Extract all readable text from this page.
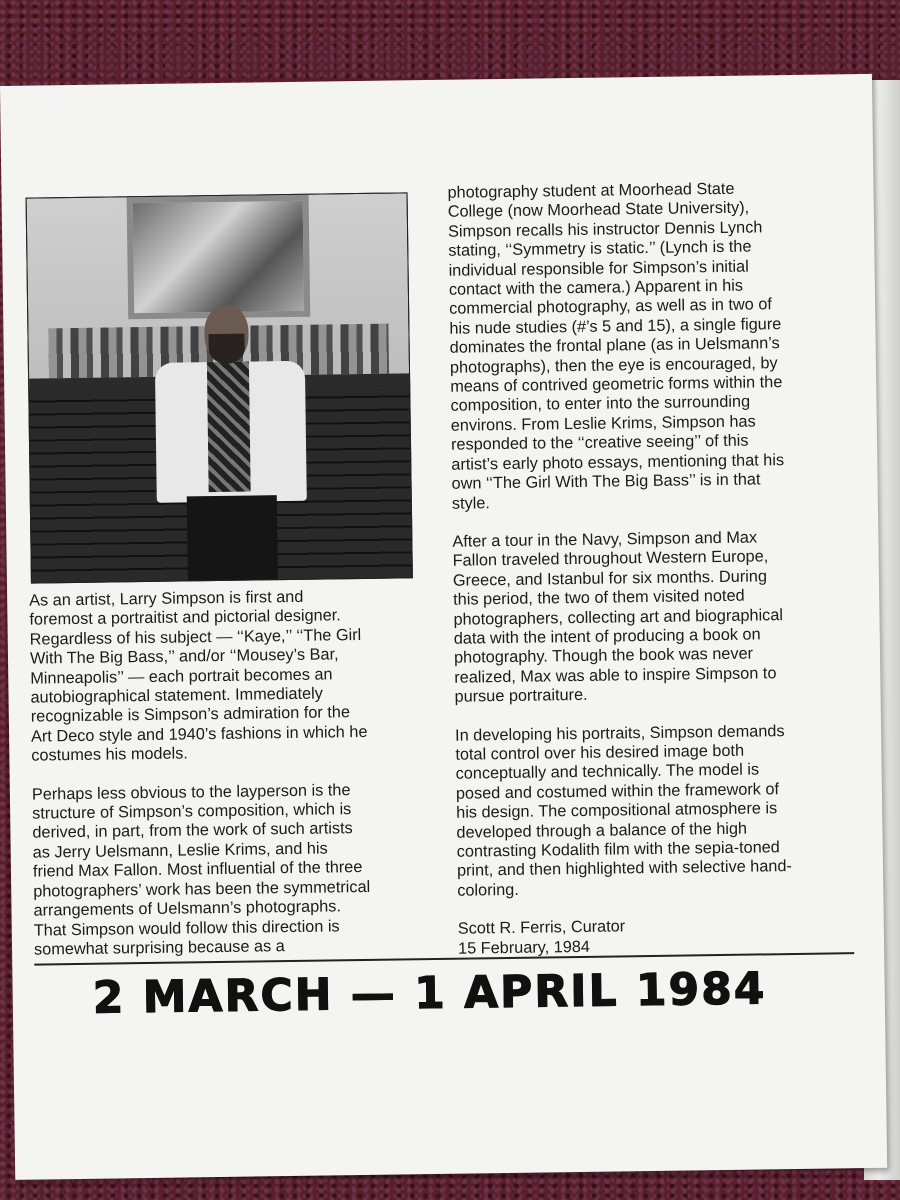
As an artist, Larry Simpson is first and
foremost a portraitist and pictorial designer.
Regardless of his subject — ‘‘Kaye,’’ ‘‘The Girl
With The Big Bass,’’ and/or ‘‘Mousey’s Bar,
Minneapolis’’ — each portrait becomes an
autobiographical statement. Immediately
recognizable is Simpson’s admiration for the
Art Deco style and 1940’s fashions in which he
costumes his models.

Perhaps less obvious to the layperson is the
structure of Simpson’s composition, which is
derived, in part, from the work of such artists
as Jerry Uelsmann, Leslie Krims, and his
friend Max Fallon. Most influential of the three
photographers’ work has been the symmetrical
arrangements of Uelsmann’s photographs.
That Simpson would follow this direction is
somewhat surprising because as a

photography student at Moorhead State
College (now Moorhead State University),
Simpson recalls his instructor Dennis Lynch
stating, ‘‘Symmetry is static.’’ (Lynch is the
individual responsible for Simpson’s initial
contact with the camera.) Apparent in his
commercial photography, as well as in two of
his nude studies (#’s 5 and 15), a single figure
dominates the frontal plane (as in Uelsmann’s
photographs), then the eye is encouraged, by
means of contrived geometric forms within the
composition, to enter into the surrounding
environs. From Leslie Krims, Simpson has
responded to the ‘‘creative seeing’’ of this
artist’s early photo essays, mentioning that his
own ‘‘The Girl With The Big Bass’’ is in that
style.

After a tour in the Navy, Simpson and Max
Fallon traveled throughout Western Europe,
Greece, and Istanbul for six months. During
this period, the two of them visited noted
photographers, collecting art and biographical
data with the intent of producing a book on
photography. Though the book was never
realized, Max was able to inspire Simpson to
pursue portraiture.

In developing his portraits, Simpson demands
total control over his desired image both
conceptually and technically. The model is
posed and costumed within the framework of
his design. The compositional atmosphere is
developed through a balance of the high
contrasting Kodalith film with the sepia-toned
print, and then highlighted with selective hand-
coloring.

Scott R. Ferris, Curator
15 February, 1984
2 MARCH — 1 APRIL 1984
